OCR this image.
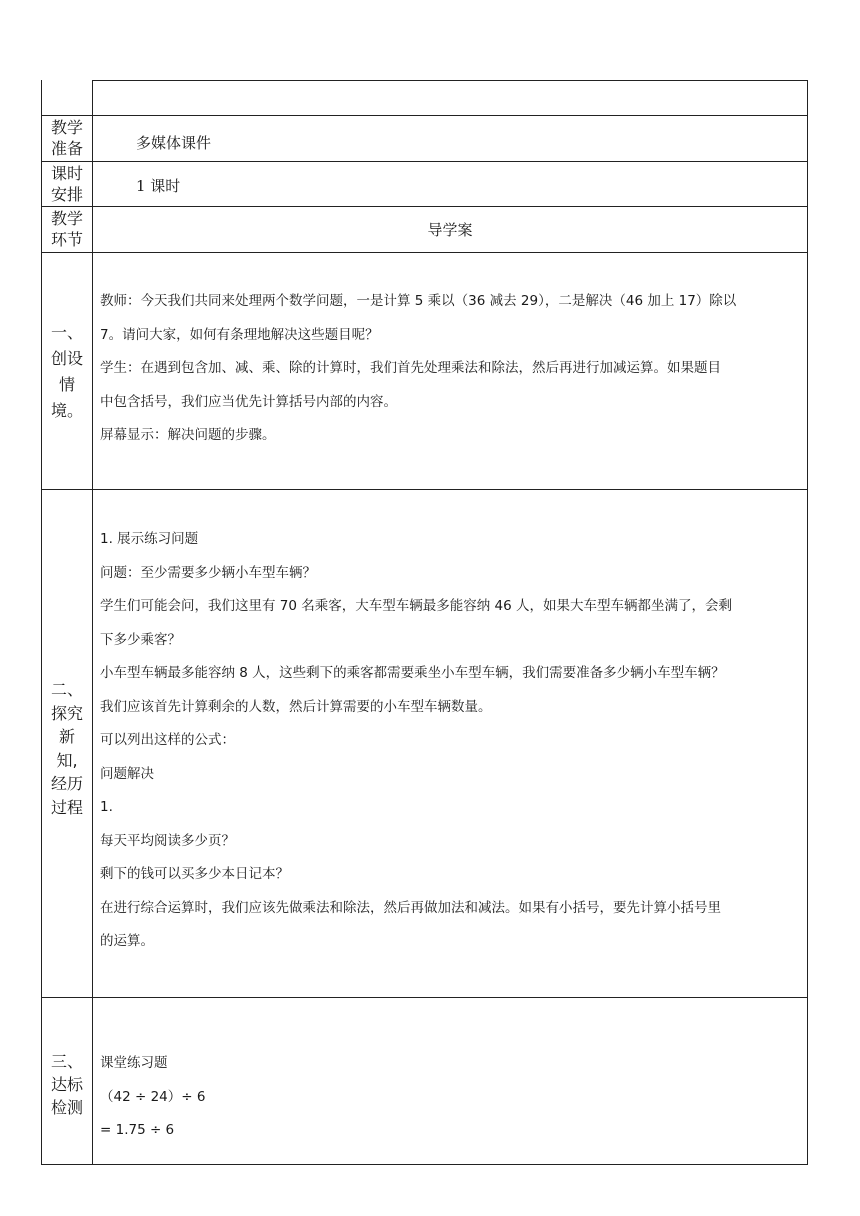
教学
准备	多媒体课件
课时
安排	1 课时
教学
环节	导学案
一、
创设
情
境。

教师：今天我们共同来处理两个数学问题，一是计算 5 乘以（36 减去 29），二是解决（46 加上 17）除以

7。请问大家，如何有条理地解决这些题目呢？

学生：在遇到包含加、减、乘、除的计算时，我们首先处理乘法和除法，然后再进行加减运算。如果题目

中包含括号，我们应当优先计算括号内部的内容。

屏幕显示：解决问题的步骤。

二、
探究
新
知,
经历
过程

1. 展示练习问题

问题：至少需要多少辆小车型车辆？

学生们可能会问，我们这里有 70 名乘客，大车型车辆最多能容纳 46 人，如果大车型车辆都坐满了，会剩

下多少乘客？

小车型车辆最多能容纳 8 人，这些剩下的乘客都需要乘坐小车型车辆，我们需要准备多少辆小车型车辆？

我们应该首先计算剩余的人数，然后计算需要的小车型车辆数量。

可以列出这样的公式：

问题解决

1.

每天平均阅读多少页？

剩下的钱可以买多少本日记本？

在进行综合运算时，我们应该先做乘法和除法，然后再做加法和减法。如果有小括号，要先计算小括号里

的运算。

三、
达标
检测

课堂练习题

（42 ÷ 24）÷ 6

= 1.75 ÷ 6
